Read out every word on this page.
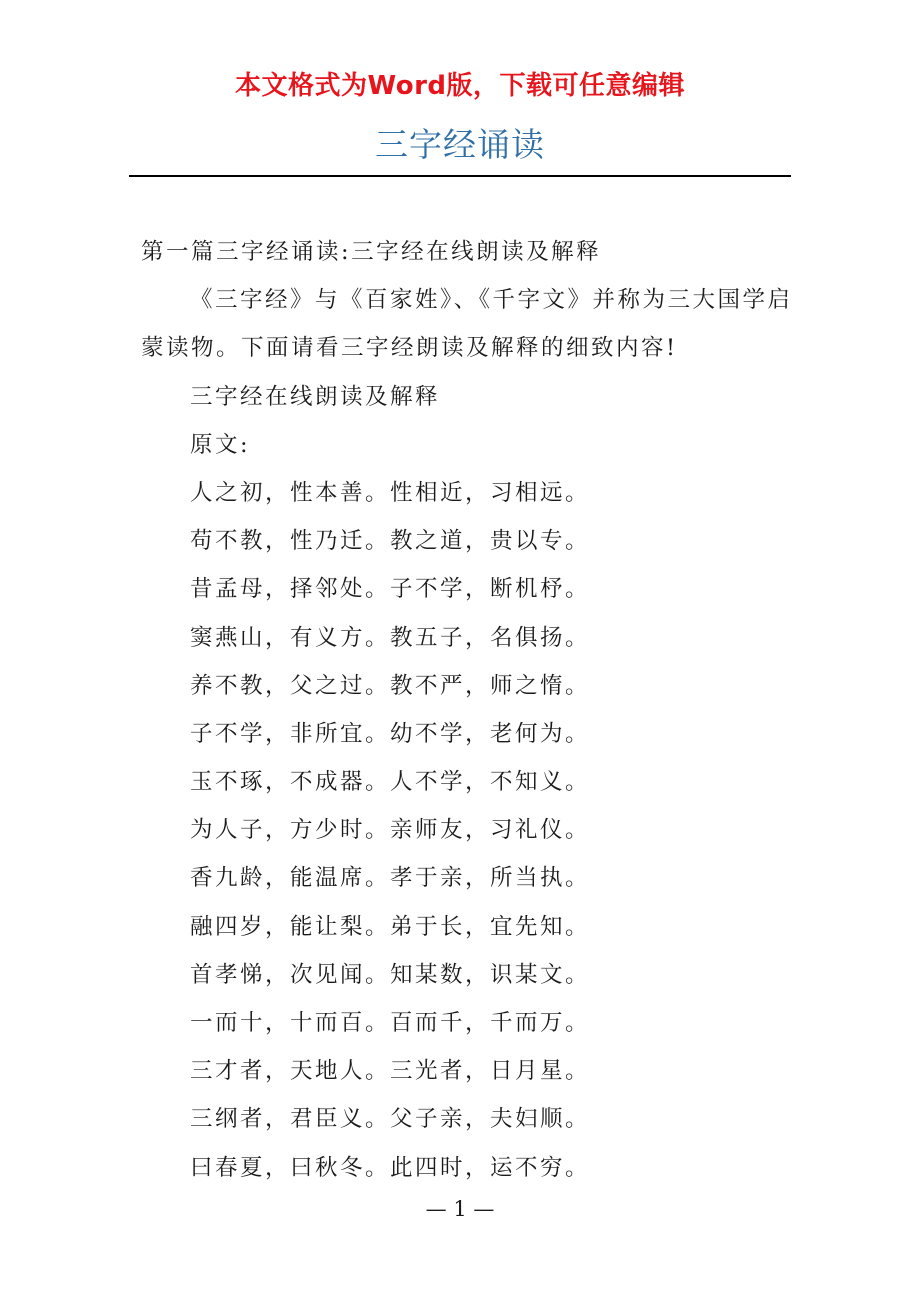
本文格式为Word版，下载可任意编辑
三字经诵读
第一篇三字经诵读:三字经在线朗读及解释
《三字经》与《百家姓》、《千字文》并称为三大国学启
蒙读物。下面请看三字经朗读及解释的细致内容!
三字经在线朗读及解释
原文:
人之初，性本善。性相近，习相远。
苟不教，性乃迁。教之道，贵以专。
昔孟母，择邻处。子不学，断机杼。
窦燕山，有义方。教五子，名俱扬。
养不教，父之过。教不严，师之惰。
子不学，非所宜。幼不学，老何为。
玉不琢，不成器。人不学，不知义。
为人子，方少时。亲师友，习礼仪。
香九龄，能温席。孝于亲，所当执。
融四岁，能让梨。弟于长，宜先知。
首孝悌，次见闻。知某数，识某文。
一而十，十而百。百而千，千而万。
三才者，天地人。三光者，日月星。
三纲者，君臣义。父子亲，夫妇顺。
曰春夏，曰秋冬。此四时，运不穷。
— 1 —
